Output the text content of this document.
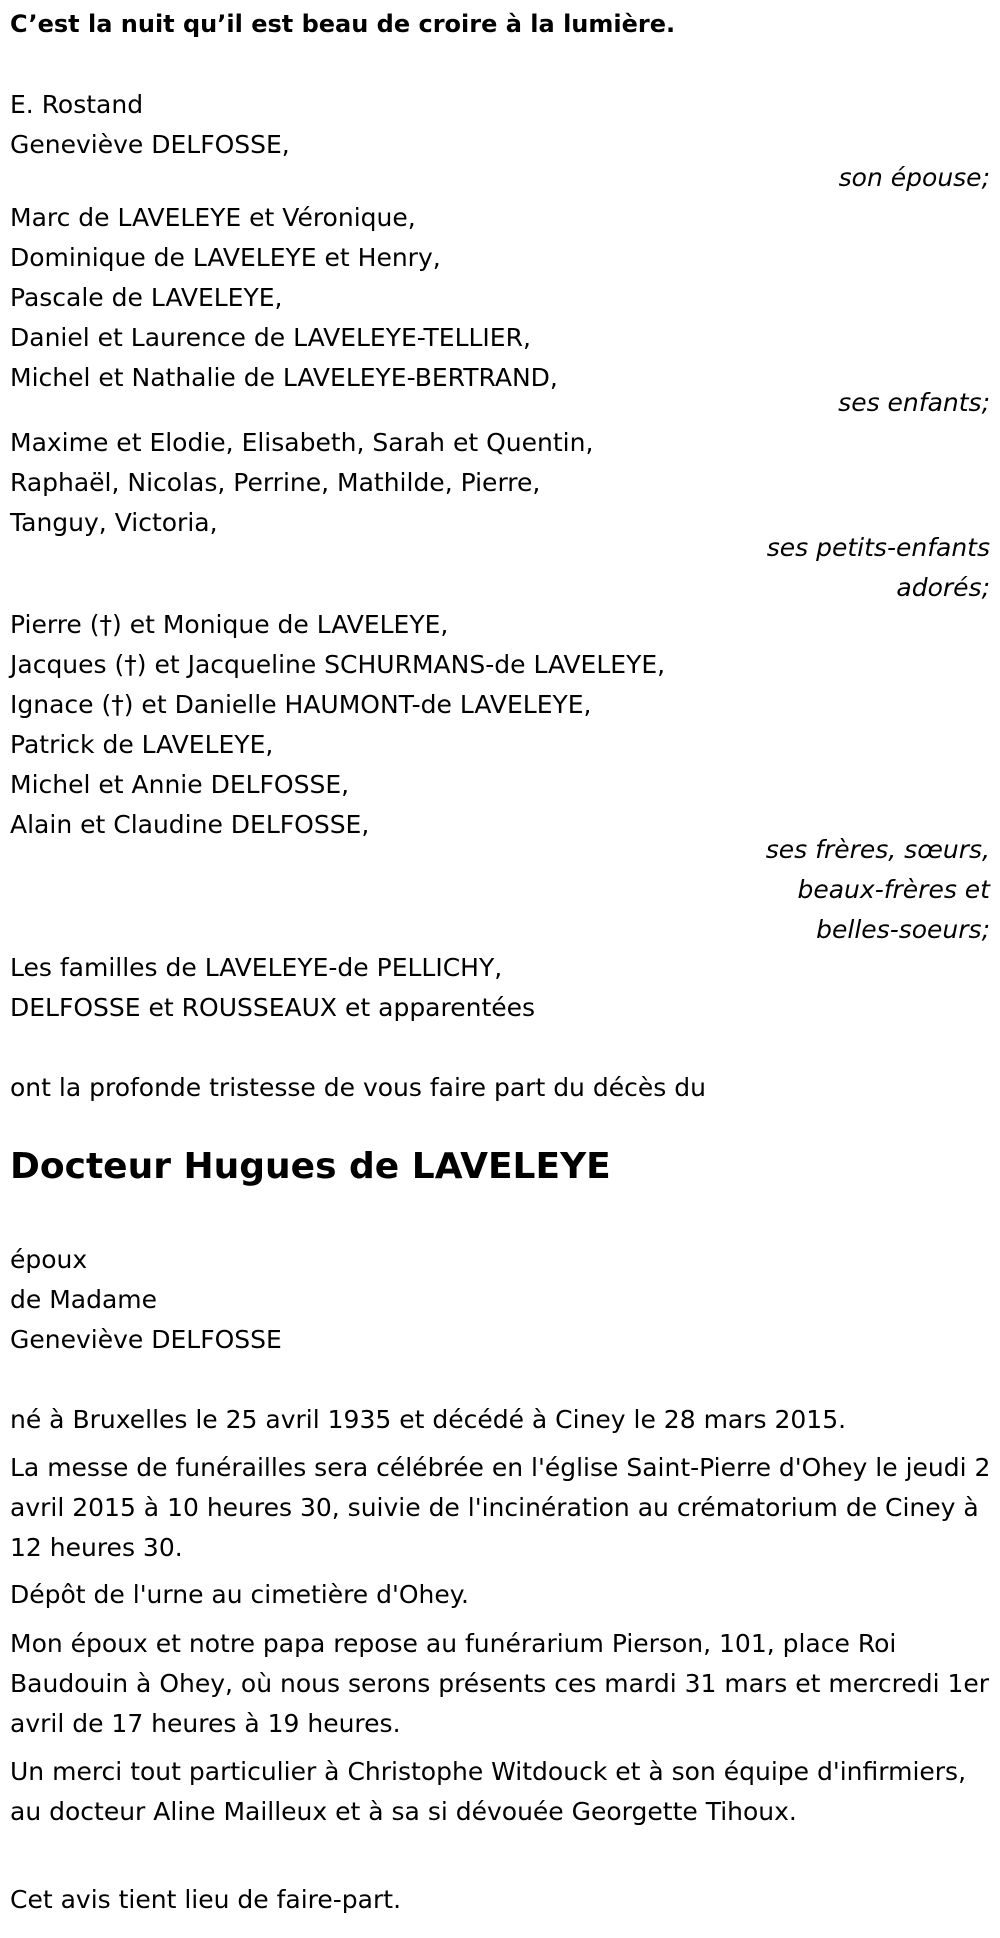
C’est la nuit qu’il est beau de croire à la lumière.
E. Rostand
Geneviève DELFOSSE,
son épouse;
Marc de LAVELEYE et Véronique,
Dominique de LAVELEYE et Henry,
Pascale de LAVELEYE,
Daniel et Laurence de LAVELEYE-TELLIER,
Michel et Nathalie de LAVELEYE-BERTRAND,
ses enfants;
Maxime et Elodie, Elisabeth, Sarah et Quentin,
Raphaël, Nicolas, Perrine, Mathilde, Pierre,
Tanguy, Victoria,
ses petits-enfants
adorés;
Pierre (†) et Monique de LAVELEYE,
Jacques (†) et Jacqueline SCHURMANS-de LAVELEYE,
Ignace (†) et Danielle HAUMONT-de LAVELEYE,
Patrick de LAVELEYE,
Michel et Annie DELFOSSE,
Alain et Claudine DELFOSSE,
ses frères, sœurs,
beaux-frères et
belles-soeurs;
Les familles de LAVELEYE-de PELLICHY,
DELFOSSE et ROUSSEAUX et apparentées
ont la profonde tristesse de vous faire part du décès du
Docteur Hugues de LAVELEYE
époux
de Madame
Geneviève DELFOSSE
né à Bruxelles le 25 avril 1935 et décédé à Ciney le 28 mars 2015.
La messe de funérailles sera célébrée en l'église Saint-Pierre d'Ohey le jeudi 2 avril 2015 à 10 heures 30, suivie de l'incinération au crématorium de Ciney à 12 heures 30.
Dépôt de l'urne au cimetière d'Ohey.
Mon époux et notre papa repose au funérarium Pierson, 101, place Roi Baudouin à Ohey, où nous serons présents ces mardi 31 mars et mercredi 1er avril de 17 heures à 19 heures.
Un merci tout particulier à Christophe Witdouck et à son équipe d'infirmiers, au docteur Aline Mailleux et à sa si dévouée Georgette Tihoux.
Cet avis tient lieu de faire-part.
